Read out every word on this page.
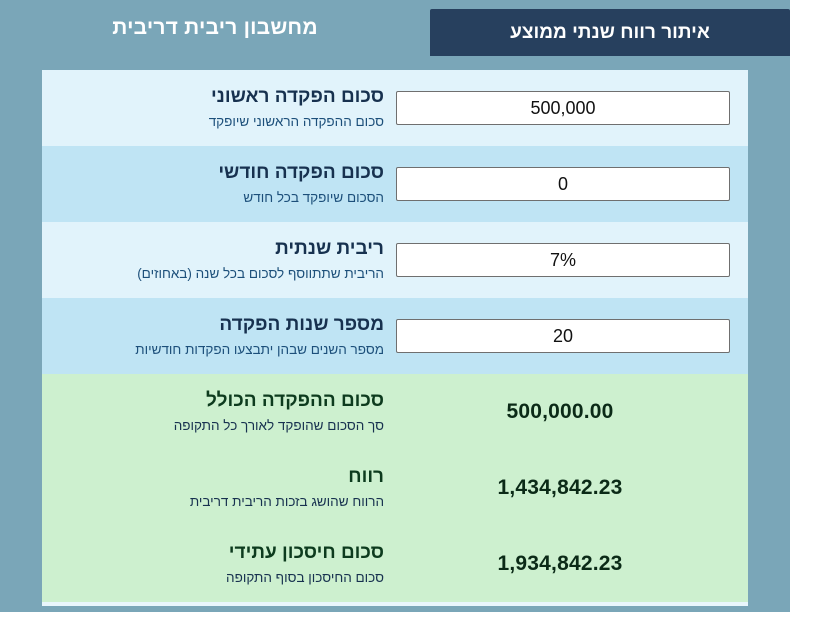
איתור רווח שנתי ממוצע
מחשבון ריבית דריבית
500,000
סכום הפקדה ראשוני
סכום ההפקדה הראשוני שיופקד
0
סכום הפקדה חודשי
הסכום שיופקד בכל חודש
7%
ריבית שנתית
הריבית שתתווסף לסכום בכל שנה (באחוזים)
20
מספר שנות הפקדה
מספר השנים שבהן יתבצעו הפקדות חודשיות
500,000.00
סכום ההפקדה הכולל
סך הסכום שהופקד לאורך כל התקופה
1,434,842.23
רווח
הרווח שהושג בזכות הריבית דריבית
1,934,842.23
סכום חיסכון עתידי
סכום החיסכון בסוף התקופה
